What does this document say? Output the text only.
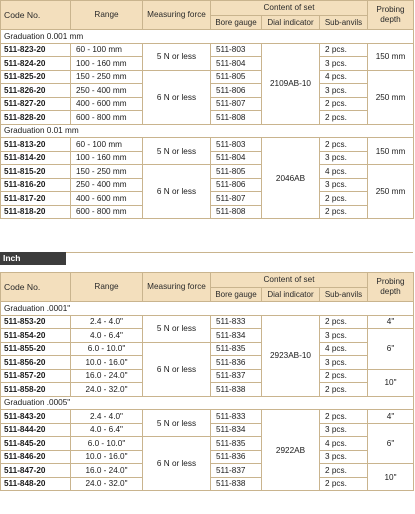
Code No.	Range	Measuring force	Content of set			Probing depth
			Bore gauge	Dial indicator	Sub-anvils	
Graduation 0.001 mm						
511-823-20	60 - 100 mm	5 N or less	511-803	2109AB-10	2 pcs.	150 mm
511-824-20	100 - 160 mm		511-804		3 pcs.	
511-825-20	150 - 250 mm	6 N or less	511-805		4 pcs.	250 mm
511-826-20	250 - 400 mm		511-806		3 pcs.	
511-827-20	400 - 600 mm		511-807		2 pcs.	
511-828-20	600 - 800 mm		511-808		2 pcs.	
Graduation 0.01 mm						
511-813-20	60 - 100 mm	5 N or less	511-803	2046AB	2 pcs.	150 mm
511-814-20	100 - 160 mm		511-804		3 pcs.	
511-815-20	150 - 250 mm	6 N or less	511-805		4 pcs.	250 mm
511-816-20	250 - 400 mm		511-806		3 pcs.	
511-817-20	400 - 600 mm		511-807		2 pcs.	
511-818-20	600 - 800 mm		511-808		2 pcs.	
Inch
Code No.	Range	Measuring force	Content of set			Probing depth
			Bore gauge	Dial indicator	Sub-anvils	
Graduation .0001"						
511-853-20	2.4 - 4.0"	5 N or less	511-833	2923AB-10	2 pcs.	4"
511-854-20	4.0 - 6.4"		511-834		3 pcs.	6"
511-855-20	6.0 - 10.0"	6 N or less	511-835		4 pcs.	
511-856-20	10.0 - 16.0"		511-836		3 pcs.	
511-857-20	16.0 - 24.0"		511-837		2 pcs.	10"
511-858-20	24.0 - 32.0"		511-838		2 pcs.	
Graduation .0005"						
511-843-20	2.4 - 4.0"	5 N or less	511-833	2922AB	2 pcs.	4"
511-844-20	4.0 - 6.4"		511-834		3 pcs.	6"
511-845-20	6.0 - 10.0"	6 N or less	511-835		4 pcs.	
511-846-20	10.0 - 16.0"		511-836		3 pcs.	
511-847-20	16.0 - 24.0"		511-837		2 pcs.	10"
511-848-20	24.0 - 32.0"		511-838		2 pcs.	
